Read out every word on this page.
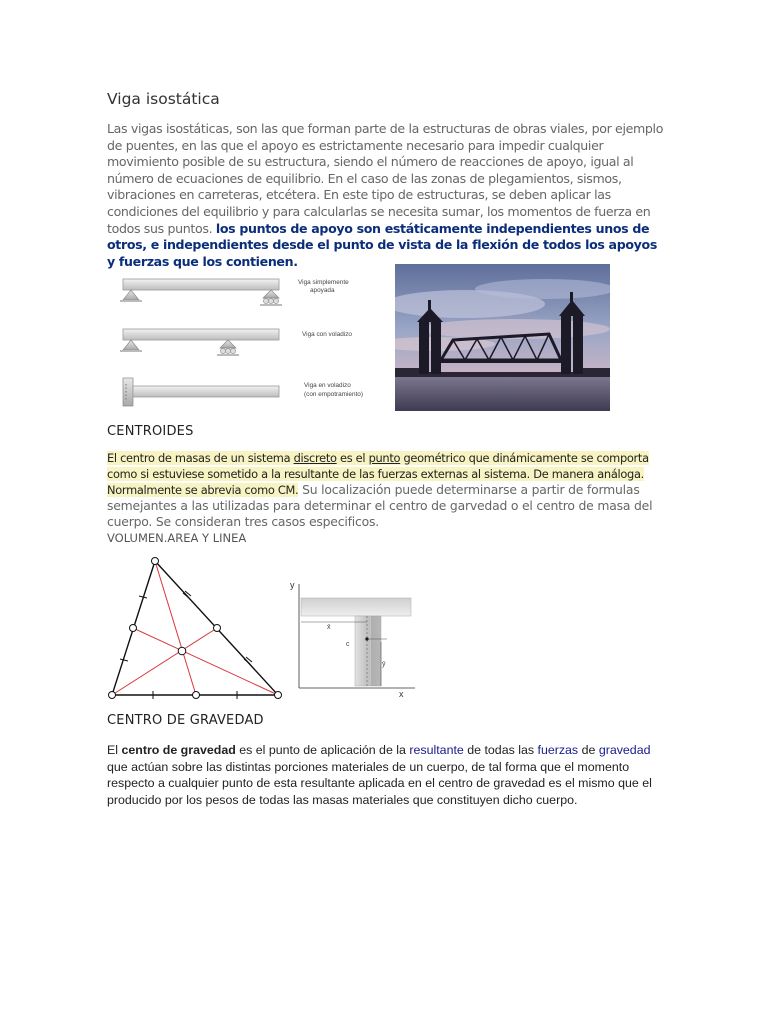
Viga isostática
Las vigas isostáticas, son las que forman parte de la estructuras de obras viales, por ejemplo de puentes, en las que el apoyo es estrictamente necesario para impedir cualquier movimiento posible de su estructura, siendo el número de reacciones de apoyo, igual al número de ecuaciones de equilibrio. En el caso de las zonas de plegamientos, sismos, vibraciones en carreteras, etcétera. En este tipo de estructuras, se deben aplicar las condiciones del equilibrio y para calcularlas se necesita sumar, los momentos de fuerza en todos sus puntos. los puntos de apoyo son estáticamente independientes unos de otros, e independientes desde el punto de vista de la flexión de todos los apoyos y fuerzas que los contienen.
Viga simplemente
apoyada
Viga con voladizo
Viga en voladizo
(con empotramiento)
CENTROIDES
El centro de masas de un sistema discreto es el punto geométrico que dinámicamente se comporta como si estuviese sometido a la resultante de las fuerzas externas al sistema. De manera análoga. Normalmente se abrevia como CM. Su localización puede determinarse a partir de formulas semejantes a las utilizadas para determinar el centro de garvedad o el centro de masa del cuerpo. Se consideran tres casos especificos.
VOLUMEN.AREA Y LINEA
y
x
x̄
c
ȳ
CENTRO DE GRAVEDAD
El centro de gravedad es el punto de aplicación de la resultante de todas las fuerzas de gravedad que actúan sobre las distintas porciones materiales de un cuerpo, de tal forma que el momento respecto a cualquier punto de esta resultante aplicada en el centro de gravedad es el mismo que el producido por los pesos de todas las masas materiales que constituyen dicho cuerpo.
